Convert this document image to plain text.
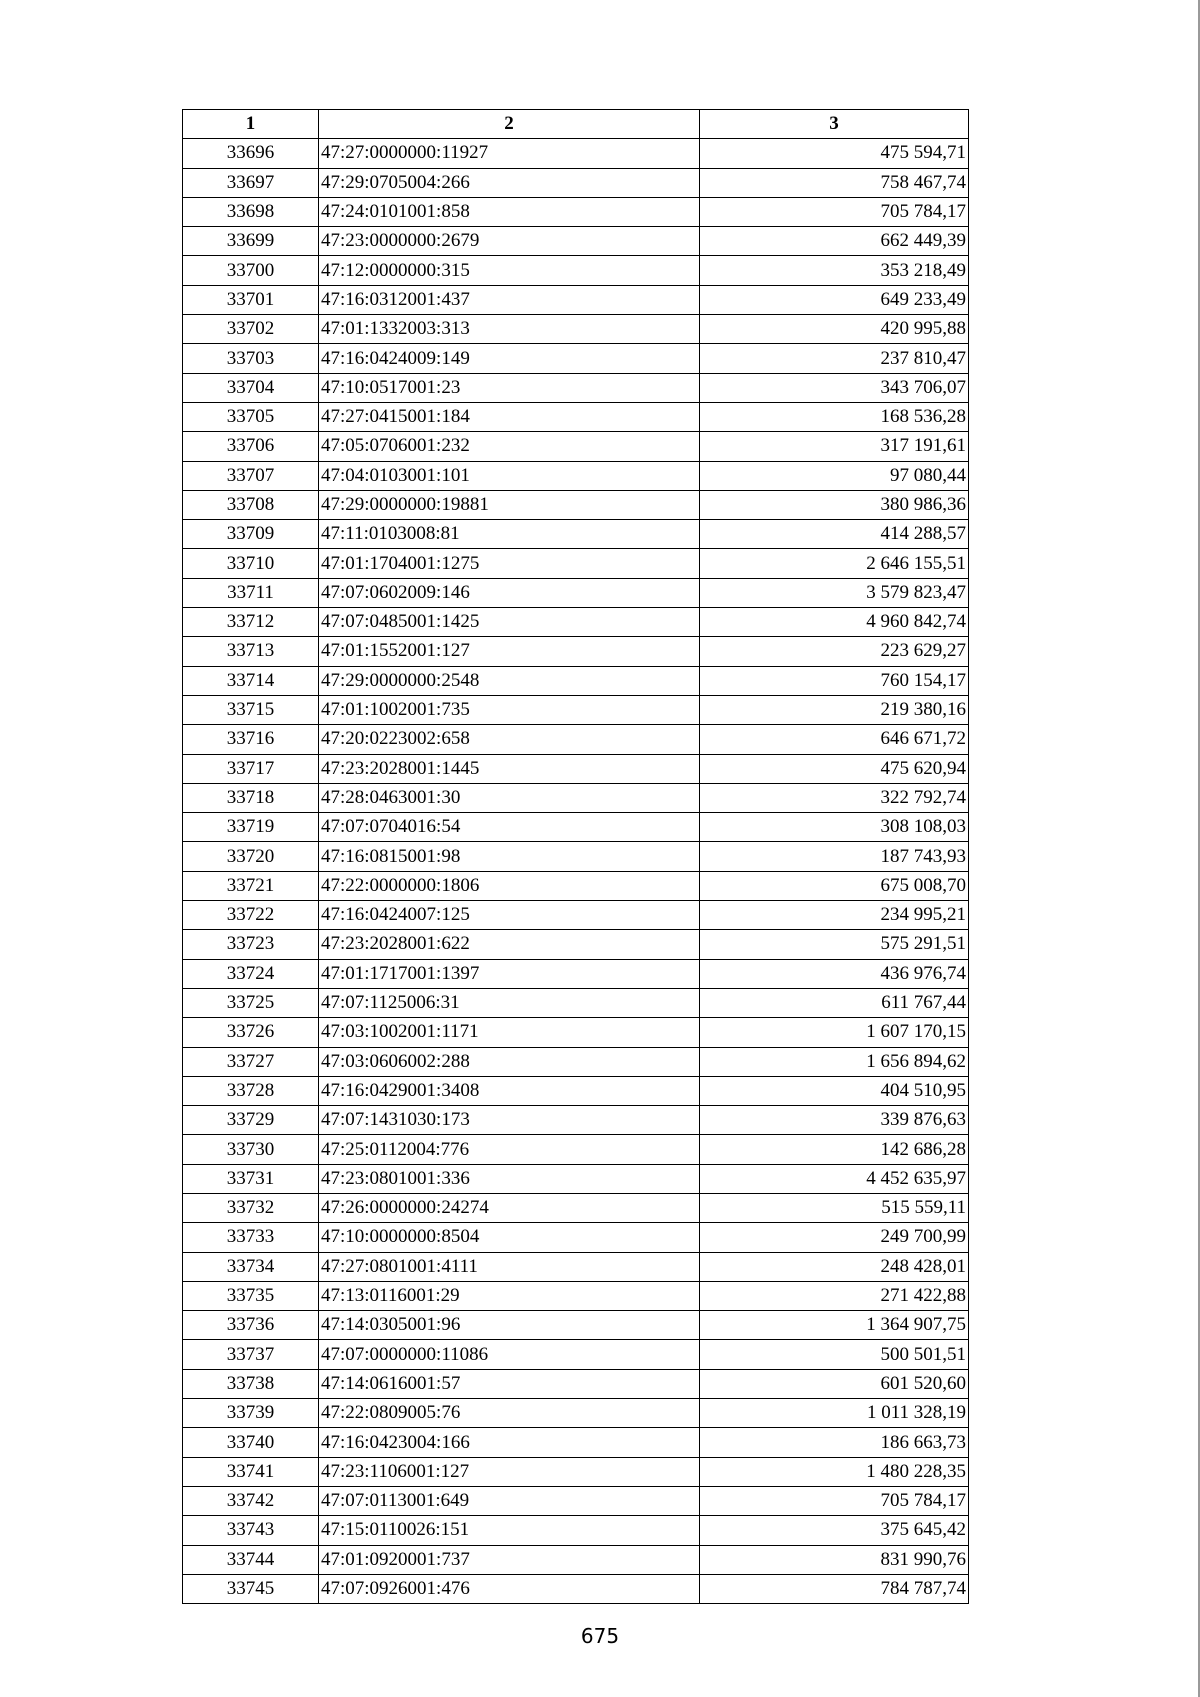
1	2	3
33696	47:27:0000000:11927	475 594,71
33697	47:29:0705004:266	758 467,74
33698	47:24:0101001:858	705 784,17
33699	47:23:0000000:2679	662 449,39
33700	47:12:0000000:315	353 218,49
33701	47:16:0312001:437	649 233,49
33702	47:01:1332003:313	420 995,88
33703	47:16:0424009:149	237 810,47
33704	47:10:0517001:23	343 706,07
33705	47:27:0415001:184	168 536,28
33706	47:05:0706001:232	317 191,61
33707	47:04:0103001:101	97 080,44
33708	47:29:0000000:19881	380 986,36
33709	47:11:0103008:81	414 288,57
33710	47:01:1704001:1275	2 646 155,51
33711	47:07:0602009:146	3 579 823,47
33712	47:07:0485001:1425	4 960 842,74
33713	47:01:1552001:127	223 629,27
33714	47:29:0000000:2548	760 154,17
33715	47:01:1002001:735	219 380,16
33716	47:20:0223002:658	646 671,72
33717	47:23:2028001:1445	475 620,94
33718	47:28:0463001:30	322 792,74
33719	47:07:0704016:54	308 108,03
33720	47:16:0815001:98	187 743,93
33721	47:22:0000000:1806	675 008,70
33722	47:16:0424007:125	234 995,21
33723	47:23:2028001:622	575 291,51
33724	47:01:1717001:1397	436 976,74
33725	47:07:1125006:31	611 767,44
33726	47:03:1002001:1171	1 607 170,15
33727	47:03:0606002:288	1 656 894,62
33728	47:16:0429001:3408	404 510,95
33729	47:07:1431030:173	339 876,63
33730	47:25:0112004:776	142 686,28
33731	47:23:0801001:336	4 452 635,97
33732	47:26:0000000:24274	515 559,11
33733	47:10:0000000:8504	249 700,99
33734	47:27:0801001:4111	248 428,01
33735	47:13:0116001:29	271 422,88
33736	47:14:0305001:96	1 364 907,75
33737	47:07:0000000:11086	500 501,51
33738	47:14:0616001:57	601 520,60
33739	47:22:0809005:76	1 011 328,19
33740	47:16:0423004:166	186 663,73
33741	47:23:1106001:127	1 480 228,35
33742	47:07:0113001:649	705 784,17
33743	47:15:0110026:151	375 645,42
33744	47:01:0920001:737	831 990,76
33745	47:07:0926001:476	784 787,74
675
